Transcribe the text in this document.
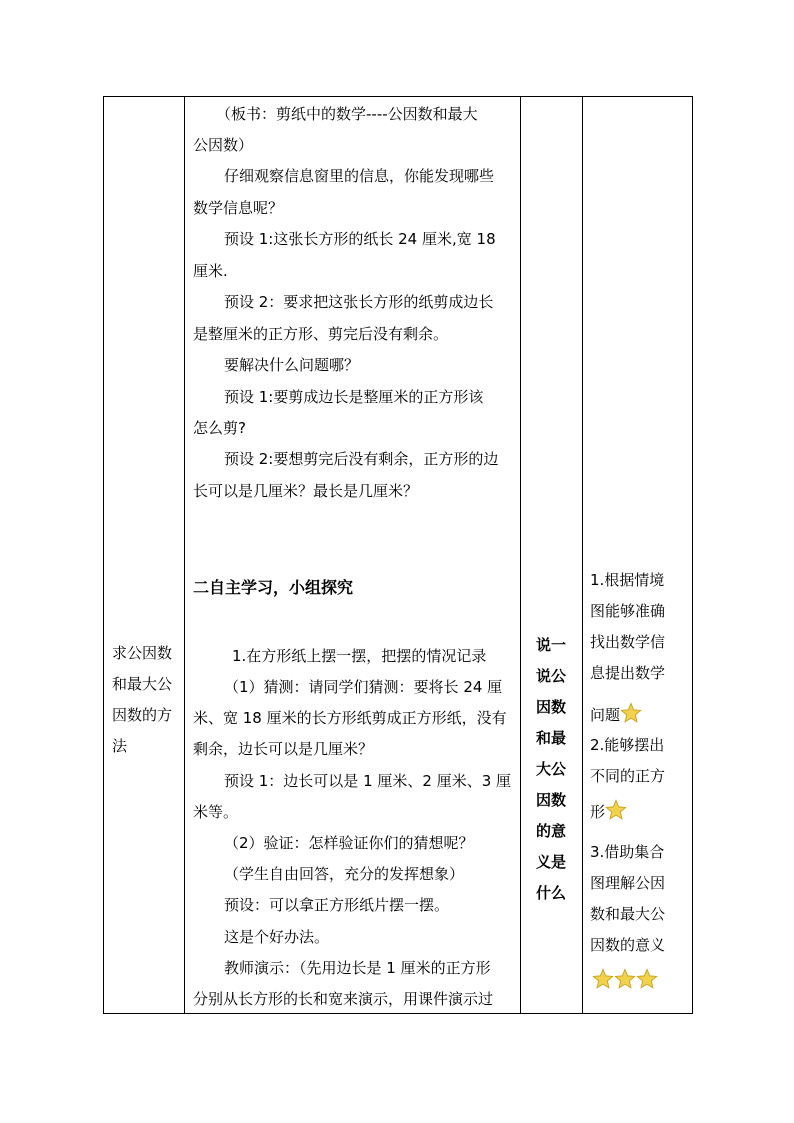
求公因数
和最大公
因数的方
法

（板书：剪纸中的数学----公因数和最大
公因数）
仔细观察信息窗里的信息，你能发现哪些
数学信息呢？
预设 1:这张长方形的纸长 24 厘米,宽 18
厘米.
预设 2：要求把这张长方形的纸剪成边长
是整厘米的正方形、剪完后没有剩余。
要解决什么问题哪？
预设 1:要剪成边长是整厘米的正方形该
怎么剪?
预设 2:要想剪完后没有剩余，正方形的边
长可以是几厘米？最长是几厘米？
二自主学习，小组探究
1.在方形纸上摆一摆，把摆的情况记录
（1）猜测：请同学们猜测：要将长 24 厘
米、宽 18 厘米的长方形纸剪成正方形纸，没有
剩余，边长可以是几厘米？
预设 1：边长可以是 1 厘米、2 厘米、3 厘
米等。
（2）验证：怎样验证你们的猜想呢？
（学生自由回答，充分的发挥想象）
预设：可以拿正方形纸片摆一摆。
这是个好办法。
教师演示：（先用边长是 1 厘米的正方形
分别从长方形的长和宽来演示，用课件演示过

说一
说公
因数
和最
大公
因数
的意
义是
什么

1.根据情境
图能够准确
找出数学信
息提出数学
问题
2.能够摆出
不同的正方
形
3.借助集合
图理解公因
数和最大公
因数的意义
